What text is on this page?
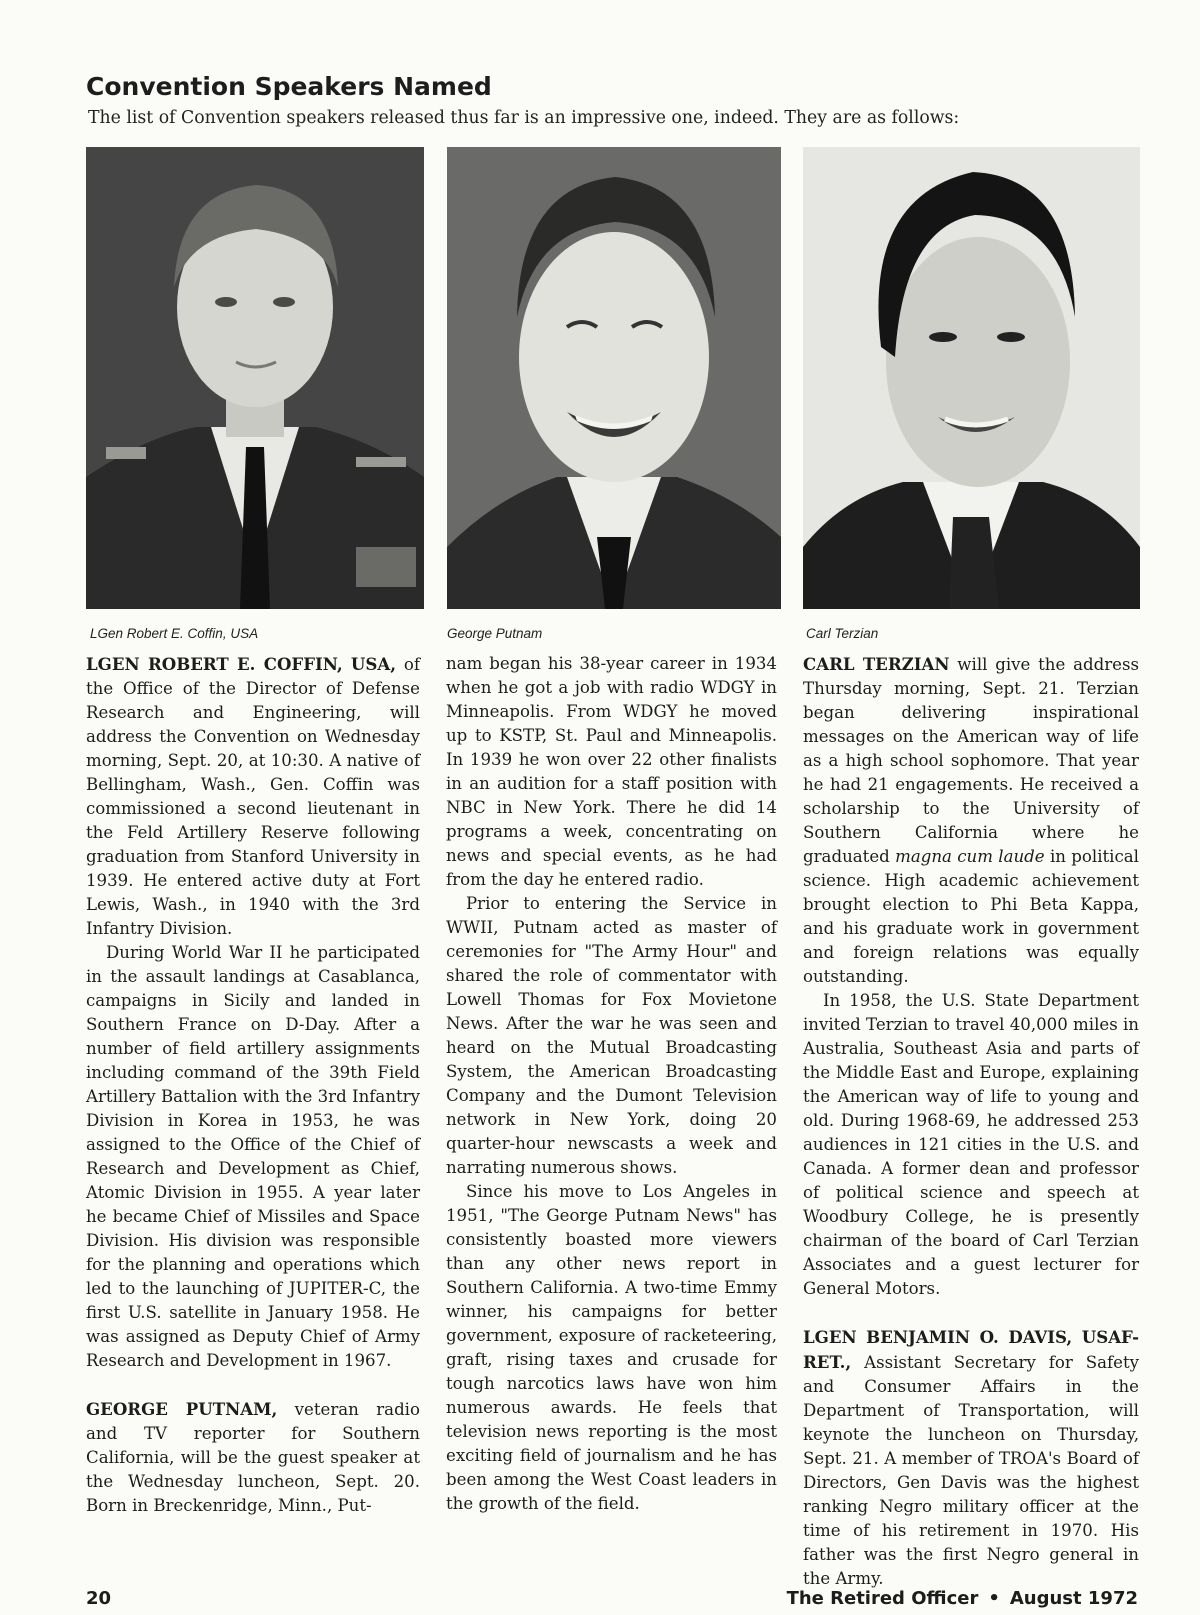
Convention Speakers Named

The list of Convention speakers released thus far is an impressive one, indeed. They are as follows:

LGen Robert E. Coffin, USA	George Putnam	Carl Terzian

LGEN ROBERT E. COFFIN, USA, of the Office of the Director of Defense Research and Engineering, will address the Convention on Wednesday morning, Sept. 20, at 10:30. A native of Bellingham, Wash., Gen. Coffin was commissioned a second lieutenant in the Feld Artillery Reserve following graduation from Stanford University in 1939. He entered active duty at Fort Lewis, Wash., in 1940 with the 3rd Infantry Division.

During World War II he participated in the assault landings at Casablanca, campaigns in Sicily and landed in Southern France on D-Day. After a number of field artillery assignments including command of the 39th Field Artillery Battalion with the 3rd Infantry Division in Korea in 1953, he was assigned to the Office of the Chief of Research and Development as Chief, Atomic Division in 1955. A year later he became Chief of Missiles and Space Division. His division was responsible for the planning and operations which led to the launching of JUPITER-C, the first U.S. satellite in January 1958. He was assigned as Deputy Chief of Army Research and Development in 1967.

GEORGE PUTNAM, veteran radio and TV reporter for Southern California, will be the guest speaker at the Wednesday luncheon, Sept. 20. Born in Breckenridge, Minn., Put-

nam began his 38-year career in 1934 when he got a job with radio WDGY in Minneapolis. From WDGY he moved up to KSTP, St. Paul and Minneapolis. In 1939 he won over 22 other finalists in an audition for a staff position with NBC in New York. There he did 14 programs a week, concentrating on news and special events, as he had from the day he entered radio.

Prior to entering the Service in WWII, Putnam acted as master of ceremonies for "The Army Hour" and shared the role of commentator with Lowell Thomas for Fox Movietone News. After the war he was seen and heard on the Mutual Broadcasting System, the American Broadcasting Company and the Dumont Television network in New York, doing 20 quarter-hour newscasts a week and narrating numerous shows.

Since his move to Los Angeles in 1951, "The George Putnam News" has consistently boasted more viewers than any other news report in Southern California. A two-time Emmy winner, his campaigns for better government, exposure of racketeering, graft, rising taxes and crusade for tough narcotics laws have won him numerous awards. He feels that television news reporting is the most exciting field of journalism and he has been among the West Coast leaders in the growth of the field.

CARL TERZIAN will give the address Thursday morning, Sept. 21. Terzian began delivering inspirational messages on the American way of life as a high school sophomore. That year he had 21 engagements. He received a scholarship to the University of Southern California where he graduated magna cum laude in political science. High academic achievement brought election to Phi Beta Kappa, and his graduate work in government and foreign relations was equally outstanding.

In 1958, the U.S. State Department invited Terzian to travel 40,000 miles in Australia, Southeast Asia and parts of the Middle East and Europe, explaining the American way of life to young and old. During 1968-69, he addressed 253 audiences in 121 cities in the U.S. and Canada. A former dean and professor of political science and speech at Woodbury College, he is presently chairman of the board of Carl Terzian Associates and a guest lecturer for General Motors.

LGEN BENJAMIN O. DAVIS, USAF-RET., Assistant Secretary for Safety and Consumer Affairs in the Department of Transportation, will keynote the luncheon on Thursday, Sept. 21. A member of TROA's Board of Directors, Gen Davis was the highest ranking Negro military officer at the time of his retirement in 1970. His father was the first Negro general in the Army.

20	The Retired Officer • August 1972
